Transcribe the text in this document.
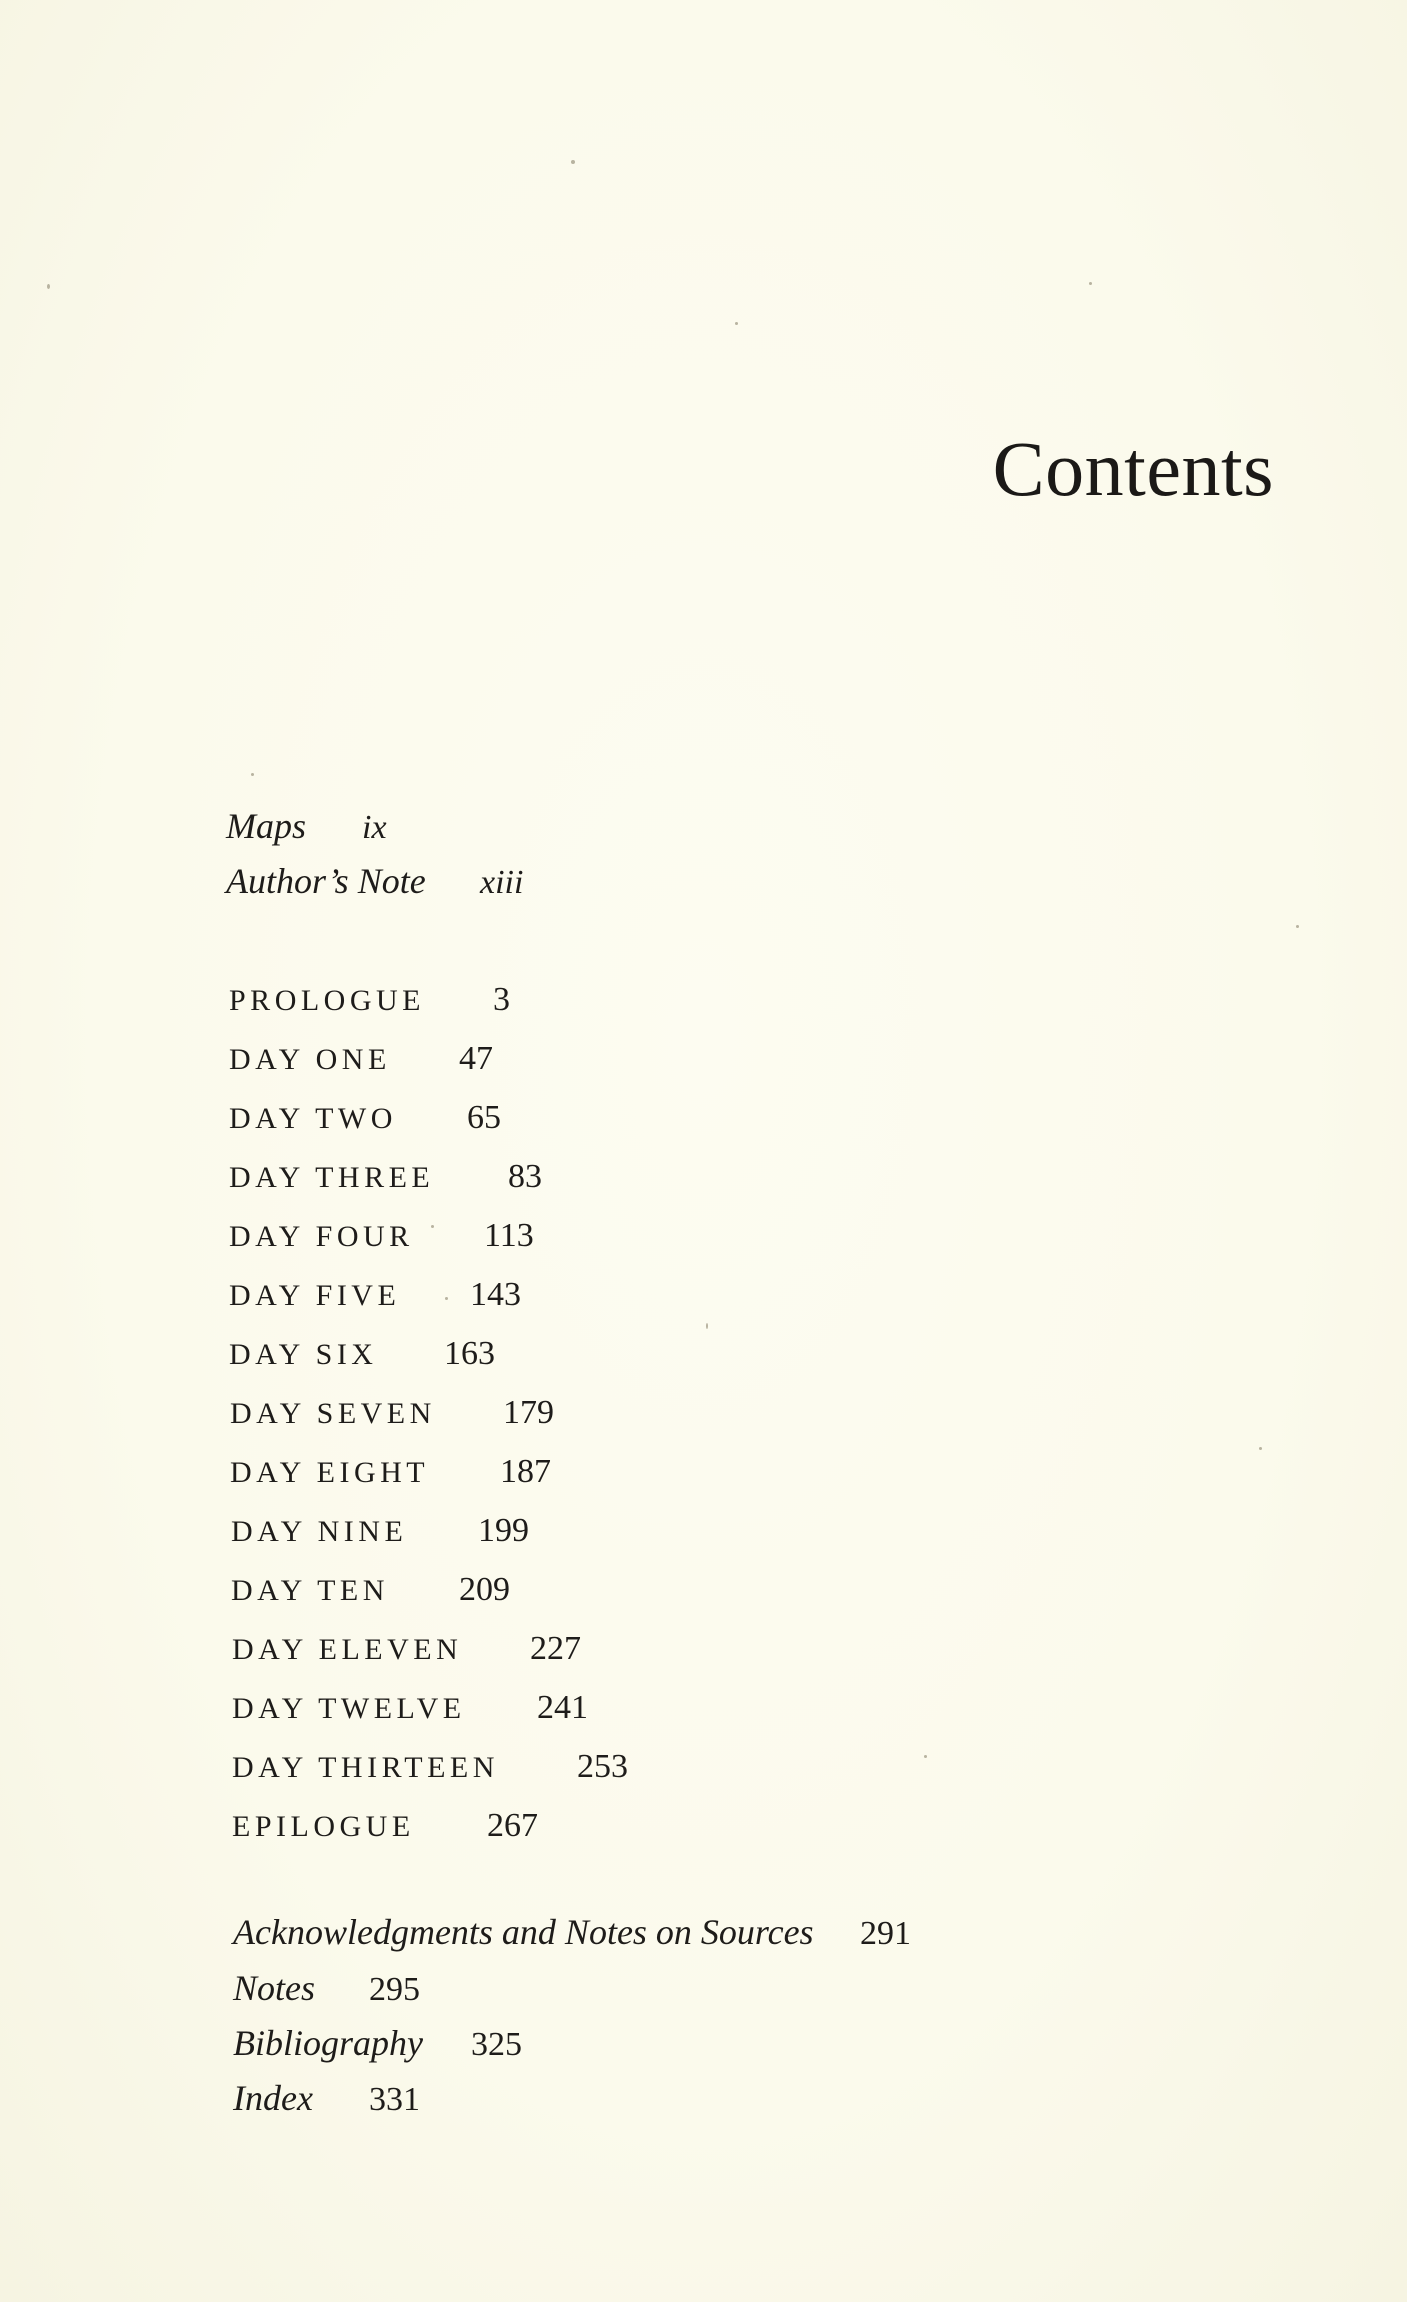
Contents
Maps ix
Author’s Note xiii
PROLOGUE 3
DAY ONE 47
DAY TWO 65
DAY THREE 83
DAY FOUR 113
DAY FIVE 143
DAY SIX 163
DAY SEVEN 179
DAY EIGHT 187
DAY NINE 199
DAY TEN 209
DAY ELEVEN 227
DAY TWELVE 241
DAY THIRTEEN 253
EPILOGUE 267
Acknowledgments and Notes on Sources 291
Notes 295
Bibliography 325
Index 331
